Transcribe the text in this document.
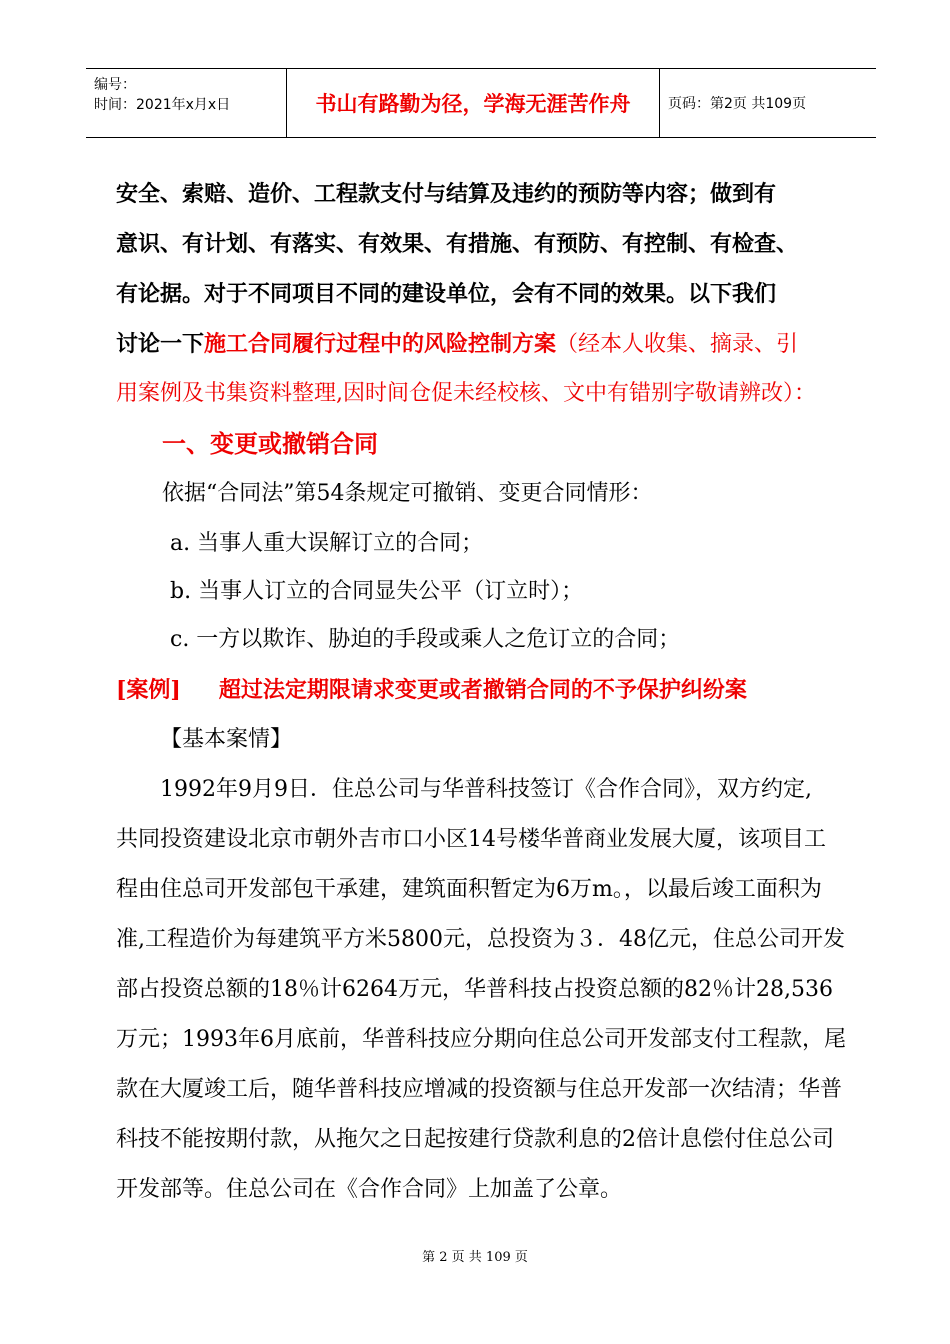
编号：
时间：2021年x月x日	书山有路勤为径，学海无涯苦作舟	页码：第2页 共109页
安全、索赔、造价、工程款支付与结算及违约的预防等内容；做到有
意识、有计划、有落实、有效果、有措施、有预防、有控制、有检查、
有论据。对于不同项目不同的建设单位，会有不同的效果。以下我们
讨论一下施工合同履行过程中的风险控制方案（经本人收集、摘录、引
用案例及书集资料整理,因时间仓促未经校核、文中有错别字敬请辨改）：
一、变更或撤销合同
依据“合同法”第54条规定可撤销、变更合同情形：
a. 当事人重大误解订立的合同；
b. 当事人订立的合同显失公平（订立时）；
c. 一方以欺诈、胁迫的手段或乘人之危订立的合同；
[案例] 超过法定期限请求变更或者撤销合同的不予保护纠纷案
【基本案情】
1992年9月9日．住总公司与华普科技签订《合作合同》，双方约定,
共同投资建设北京市朝外吉市口小区14号楼华普商业发展大厦，该项目工
程由住总司开发部包干承建，建筑面积暂定为6万m。，以最后竣工面积为
准,工程造价为每建筑平方米5800元，总投资为３．48亿元，住总公司开发
部占投资总额的18％计6264万元，华普科技占投资总额的82％计28,536
万元；1993年6月底前，华普科技应分期向住总公司开发部支付工程款，尾
款在大厦竣工后，随华普科技应增减的投资额与住总开发部一次结清；华普
科技不能按期付款，从拖欠之日起按建行贷款利息的2倍计息偿付住总公司
开发部等。住总公司在《合作合同》上加盖了公章。
第 2 页 共 109 页
